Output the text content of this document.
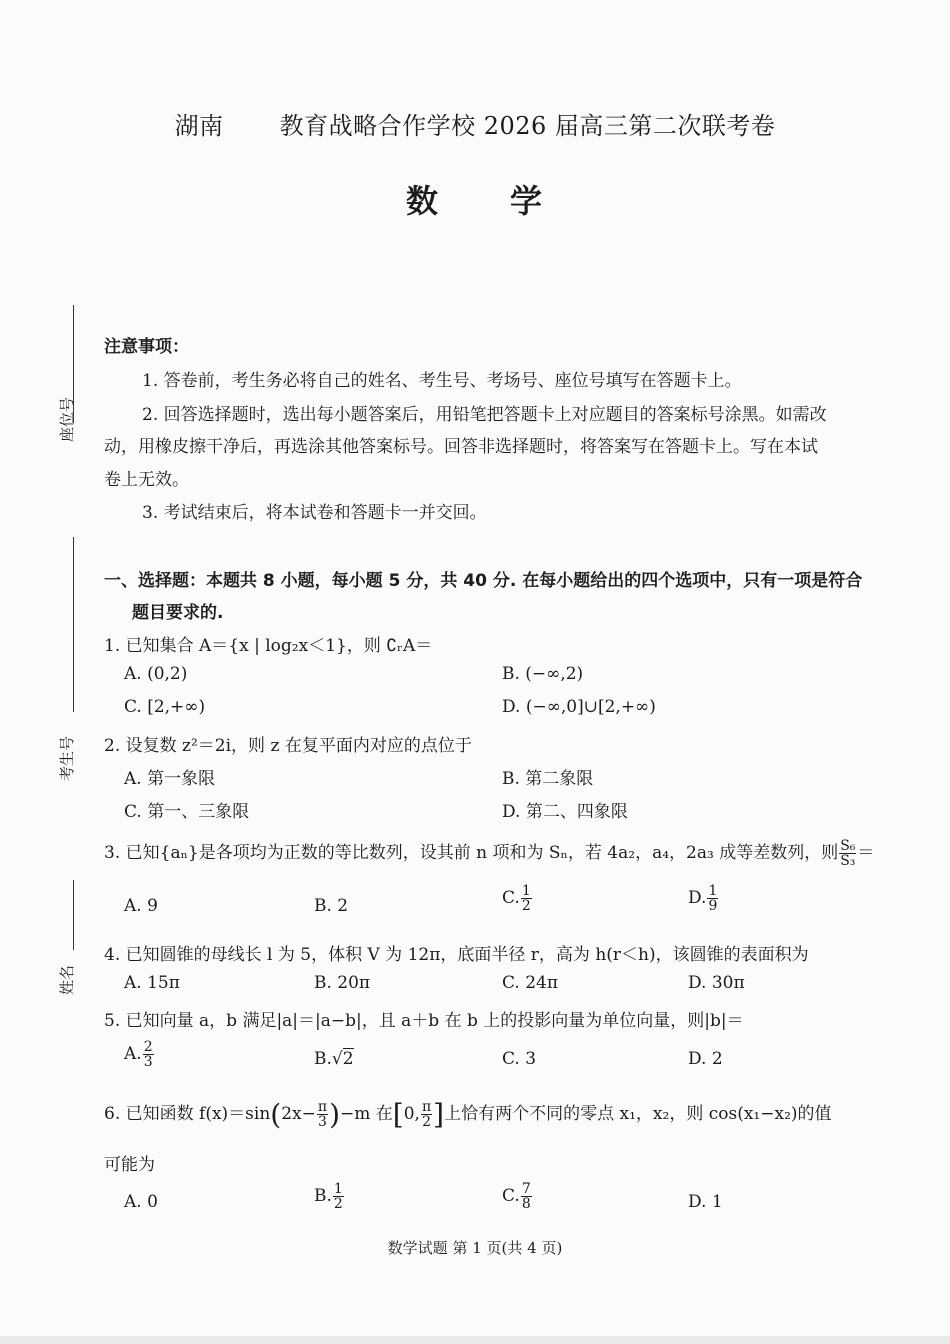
湖南 教育战略合作学校 2026 届高三第二次联考卷
数 学
座位号
考生号
姓名
注意事项：
1. 答卷前，考生务必将自己的姓名、考生号、考场号、座位号填写在答题卡上。
2. 回答选择题时，选出每小题答案后，用铅笔把答题卡上对应题目的答案标号涂黑。如需改
动，用橡皮擦干净后，再选涂其他答案标号。回答非选择题时，将答案写在答题卡上。写在本试
卷上无效。
3. 考试结束后，将本试卷和答题卡一并交回。
一、选择题：本题共 8 小题，每小题 5 分，共 40 分. 在每小题给出的四个选项中，只有一项是符合
题目要求的.
1. 已知集合 A＝{x | log₂x＜1}，则 ∁ᵣA＝
A. (0,2)	B. (−∞,2)
C. [2,+∞)	D. (−∞,0]∪[2,+∞)
2. 设复数 z²＝2i，则 z 在复平面内对应的点位于
A. 第一象限	B. 第二象限
C. 第一、三象限	D. 第二、四象限
3. 已知{aₙ}是各项均为正数的等比数列，设其前 n 项和为 Sₙ，若 4a₂，a₄，2a₃ 成等差数列，则 $\frac{\text{S₆}}{\text{S₃}}$ ＝
A. 9	B. 2	C. $\frac{1}{2}$	D. $\frac{1}{9}$
4. 已知圆锥的母线长 l 为 5，体积 V 为 12π，底面半径 r，高为 h(r＜h)，该圆锥的表面积为
A. 15π	B. 20π	C. 24π	D. 30π
5. 已知向量 a，b 满足|a|＝|a−b|，且 a＋b 在 b 上的投影向量为单位向量，则|b|＝
A. $\frac{2}{3}$	B.√2	C. 3	D. 2
6. 已知函数 $f(x)=\sin(2x- \frac{\pi}{3} )-m$ 在[0, $\frac{\pi}{2}$ ]上恰有两个不同的零点 x₁，x₂，则 cos(x₁−x₂)的值
可能为
A. 0	B. $\frac{1}{2}$	C. $\frac{7}{8}$	D. 1
数学试题 第 1 页(共 4 页)
